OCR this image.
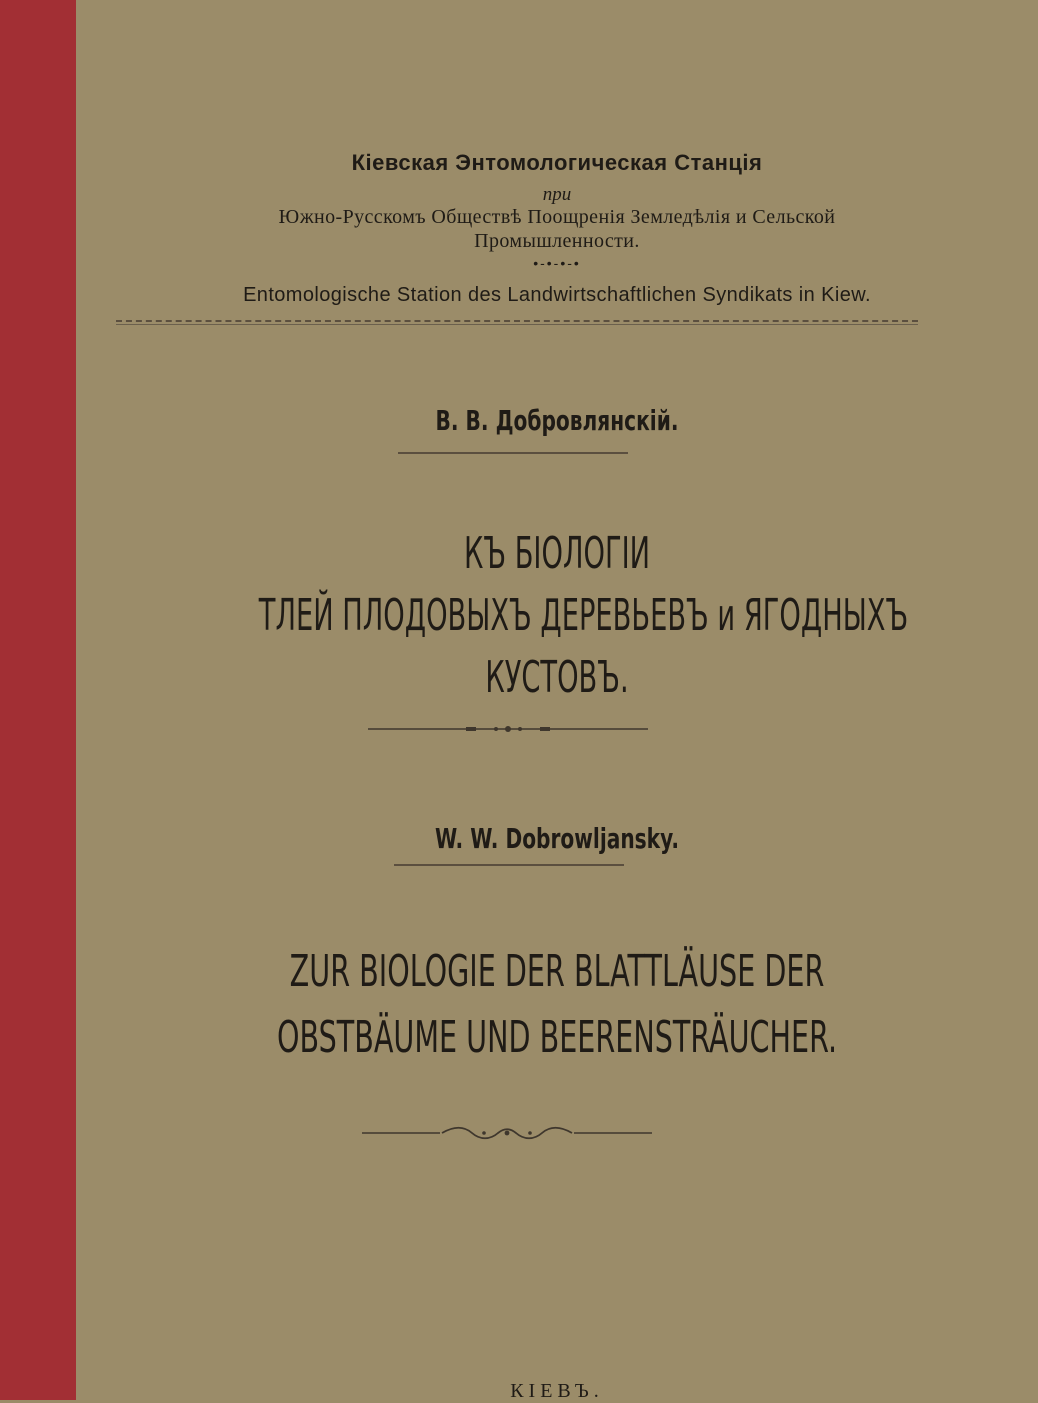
Кіевская Энтомологическая Станція
при
Южно-Русскомъ Обществѣ Поощренія Земледѣлія и Сельской
Промышленности.
•-•-•-•
Entomologische Station des Landwirtschaftlichen Syndikats in Kiew.
В. В. Добровлянскій.
КЪ БІОЛОГІИ
ТЛЕЙ ПЛОДОВЫХЪ ДЕРЕВЬЕВЪ и ЯГОДНЫХЪ
КУСТОВЪ.
W. W. Dobrowljansky.
ZUR BIOLOGIE DER BLATTLÄUSE DER
OBSTBÄUME UND BEERENSTRÄUCHER.
КІЕВЪ.
